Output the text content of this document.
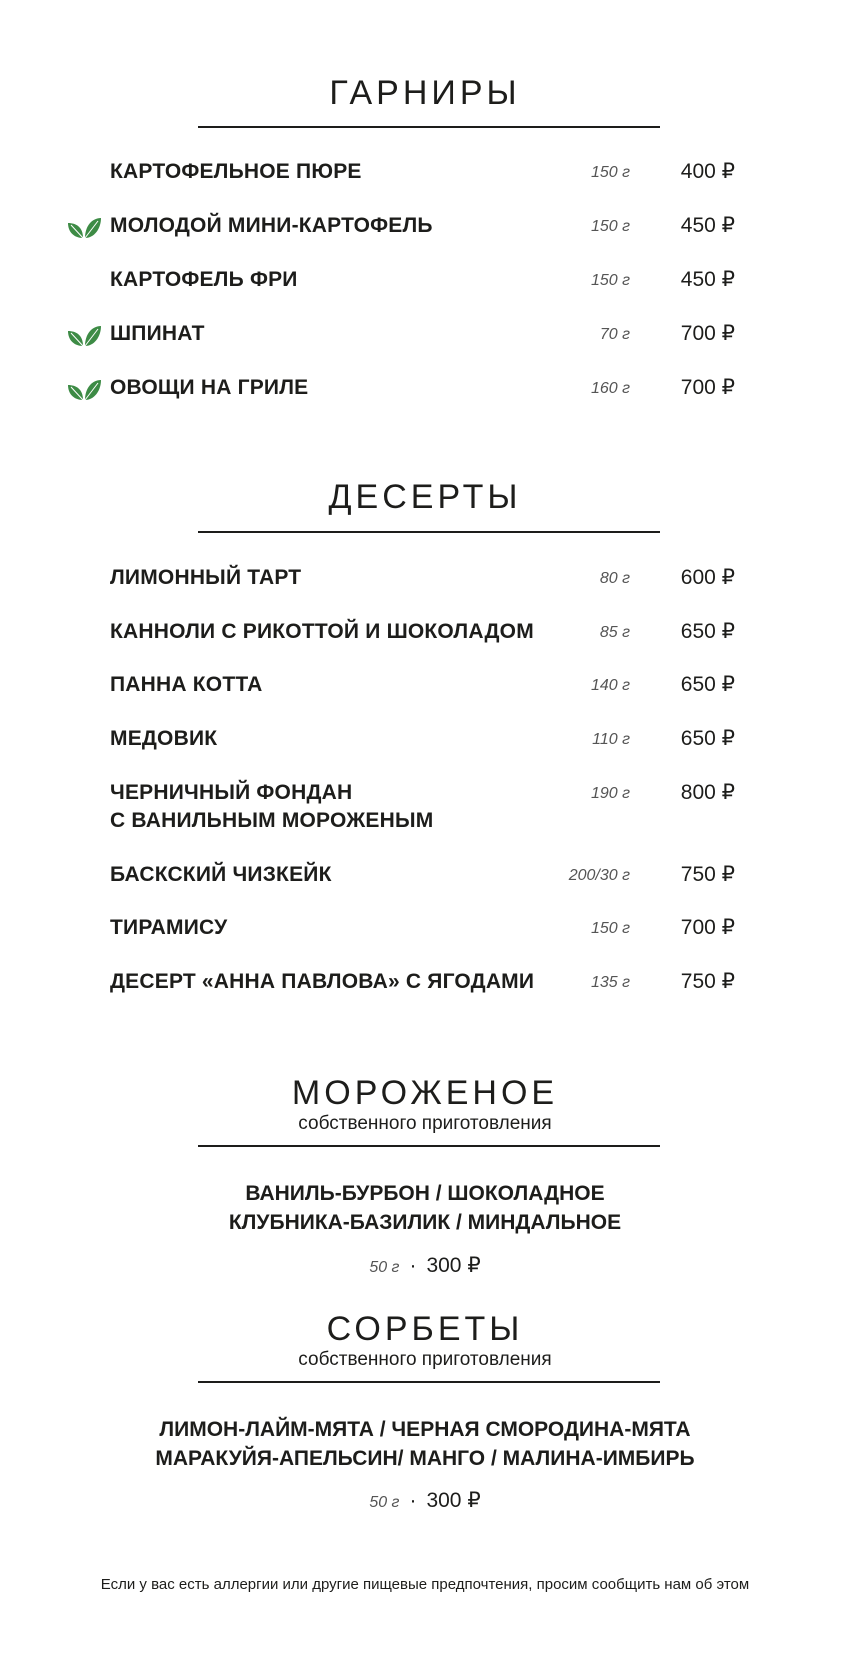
ГАРНИРЫ
КАРТОФЕЛЬНОЕ ПЮРЕ	150 г	400 ₽
МОЛОДОЙ МИНИ-КАРТОФЕЛЬ	150 г	450 ₽
КАРТОФЕЛЬ ФРИ	150 г	450 ₽
ШПИНАТ	70 г	700 ₽
ОВОЩИ НА ГРИЛЕ	160 г	700 ₽
ДЕСЕРТЫ
ЛИМОННЫЙ ТАРТ	80 г	600 ₽
КАННОЛИ С РИКОТТОЙ И ШОКОЛАДОМ	85 г	650 ₽
ПАННА КОТТА	140 г	650 ₽
МЕДОВИК	110 г	650 ₽
ЧЕРНИЧНЫЙ ФОНДАН
С ВАНИЛЬНЫМ МОРОЖЕНЫМ
190 г	800 ₽
БАСКСКИЙ ЧИЗКЕЙК	200/30 г	750 ₽
ТИРАМИСУ	150 г	700 ₽
ДЕСЕРТ «АННА ПАВЛОВА» С ЯГОДАМИ	135 г	750 ₽
МОРОЖЕНОЕ
собственного приготовления
ВАНИЛЬ-БУРБОН / ШОКОЛАДНОЕ
КЛУБНИКА-БАЗИЛИК / МИНДАЛЬНОЕ
50 г · 300 ₽
СОРБЕТЫ
собственного приготовления
ЛИМОН-ЛАЙМ-МЯТА / ЧЕРНАЯ СМОРОДИНА-МЯТА
МАРАКУЙЯ-АПЕЛЬСИН/ МАНГО / МАЛИНА-ИМБИРЬ
50 г · 300 ₽
Если у вас есть аллергии или другие пищевые предпочтения, просим сообщить нам об этом
